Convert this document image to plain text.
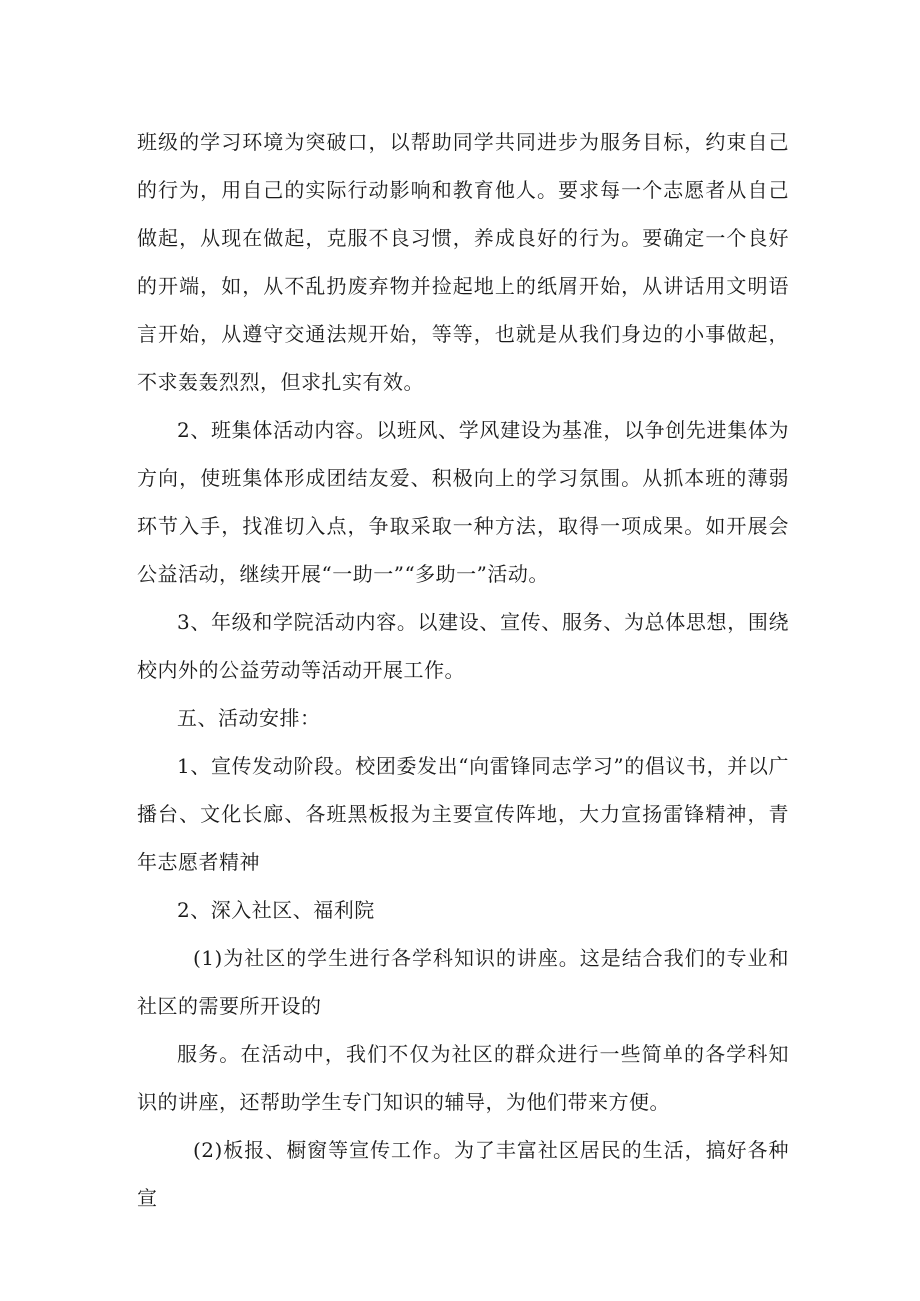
班级的学习环境为突破口，以帮助同学共同进步为服务目标，约束自己的行为，用自己的实际行动影响和教育他人。要求每一个志愿者从自己做起，从现在做起，克服不良习惯，养成良好的行为。要确定一个良好的开端，如，从不乱扔废弃物并捡起地上的纸屑开始，从讲话用文明语言开始，从遵守交通法规开始，等等，也就是从我们身边的小事做起，不求轰轰烈烈，但求扎实有效。

2、班集体活动内容。以班风、学风建设为基准，以争创先进集体为方向，使班集体形成团结友爱、积极向上的学习氛围。从抓本班的薄弱环节入手，找准切入点，争取采取一种方法，取得一项成果。如开展会公益活动，继续开展“一助一”“多助一”活动。

3、年级和学院活动内容。以建设、宣传、服务、为总体思想，围绕校内外的公益劳动等活动开展工作。

五、活动安排：

1、宣传发动阶段。校团委发出“向雷锋同志学习”的倡议书，并以广播台、文化长廊、各班黑板报为主要宣传阵地，大力宣扬雷锋精神，青年志愿者精神

2、深入社区、福利院

(1)为社区的学生进行各学科知识的讲座。这是结合我们的专业和社区的需要所开设的

服务。在活动中，我们不仅为社区的群众进行一些简单的各学科知识的讲座，还帮助学生专门知识的辅导，为他们带来方便。

(2)板报、橱窗等宣传工作。为了丰富社区居民的生活，搞好各种宣
